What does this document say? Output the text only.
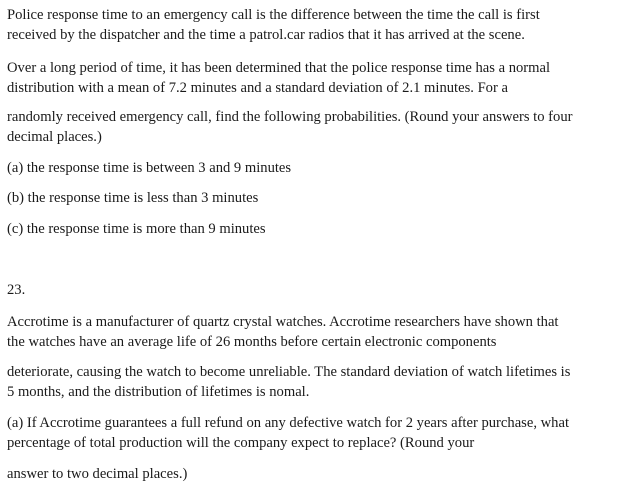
Police response time to an emergency call is the difference between the time the call is first
received by the dispatcher and the time a patrol.car radios that it has arrived at the scene.

Over a long period of time, it has been determined that the police response time has a normal
distribution with a mean of 7.2 minutes and a standard deviation of 2.1 minutes. For a

randomly received emergency call, find the following probabilities. (Round your answers to four
decimal places.)

(a) the response time is between 3 and 9 minutes

(b) the response time is less than 3 minutes

(c) the response time is more than 9 minutes

23.

Accrotime is a manufacturer of quartz crystal watches. Accrotime researchers have shown that
the watches have an average life of 26 months before certain electronic components

deteriorate, causing the watch to become unreliable. The standard deviation of watch lifetimes is
5 months, and the distribution of lifetimes is nomal.

(a) If Accrotime guarantees a full refund on any defective watch for 2 years after purchase, what
percentage of total production will the company expect to replace? (Round your

answer to two decimal places.)
